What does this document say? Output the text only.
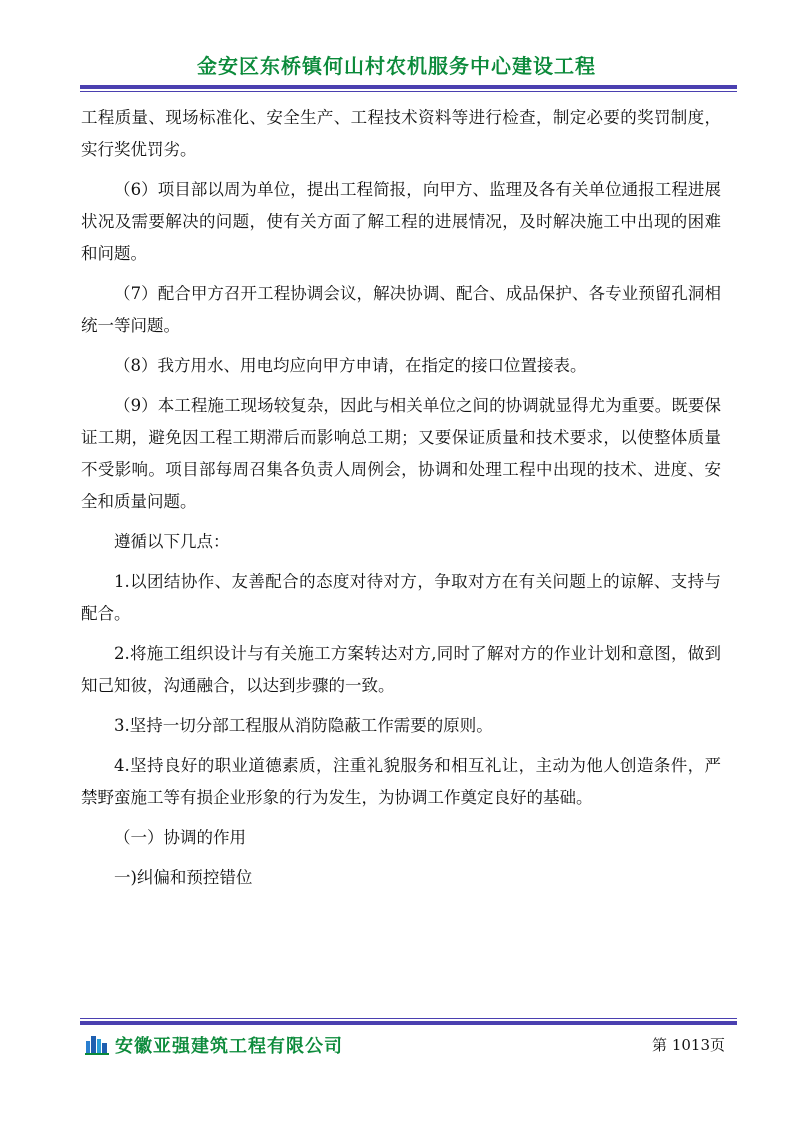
金安区东桥镇何山村农机服务中心建设工程

工程质量、现场标准化、安全生产、工程技术资料等进行检查，制定必要的奖罚制度，实行奖优罚劣。

（6）项目部以周为单位，提出工程简报，向甲方、监理及各有关单位通报工程进展状况及需要解决的问题，使有关方面了解工程的进展情况，及时解决施工中出现的困难和问题。

（7）配合甲方召开工程协调会议，解决协调、配合、成品保护、各专业预留孔洞相统一等问题。

（8）我方用水、用电均应向甲方申请，在指定的接口位置接表。

（9）本工程施工现场较复杂，因此与相关单位之间的协调就显得尤为重要。既要保证工期，避免因工程工期滞后而影响总工期；又要保证质量和技术要求，以使整体质量不受影响。项目部每周召集各负责人周例会，协调和处理工程中出现的技术、进度、安全和质量问题。

遵循以下几点：

1.以团结协作、友善配合的态度对待对方，争取对方在有关问题上的谅解、支持与配合。

2.将施工组织设计与有关施工方案转达对方,同时了解对方的作业计划和意图，做到知己知彼，沟通融合，以达到步骤的一致。

3.坚持一切分部工程服从消防隐蔽工作需要的原则。

4.坚持良好的职业道德素质，注重礼貌服务和相互礼让，主动为他人创造条件，严禁野蛮施工等有损企业形象的行为发生，为协调工作奠定良好的基础。

（一）协调的作用

一)纠偏和预控错位

安徽亚强建筑工程有限公司	第 1013页
